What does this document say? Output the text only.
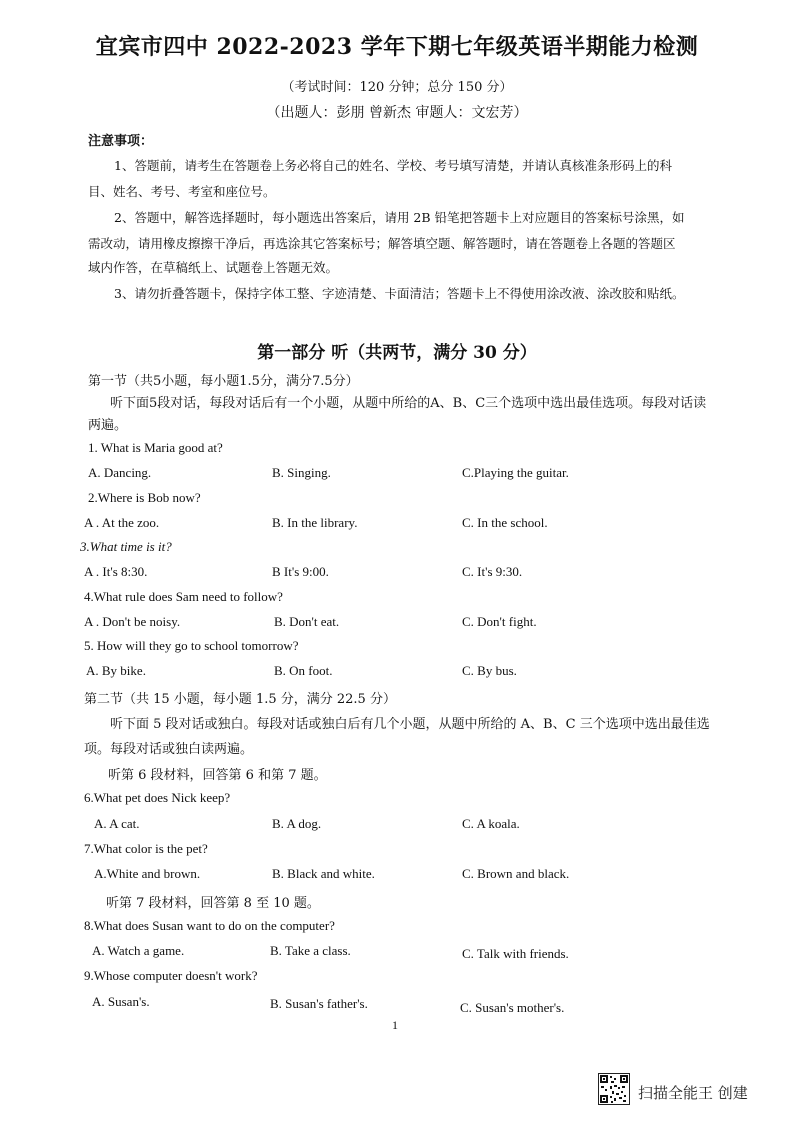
宜宾市四中 2022-2023 学年下期七年级英语半期能力检测
（考试时间：120 分钟；总分 150 分）
（出题人：彭朋 曾新杰 审题人：文宏芳）
注意事项：
1、答题前，请考生在答题卷上务必将自己的姓名、学校、考号填写清楚，并请认真核准条形码上的科
目、姓名、考号、考室和座位号。
2、答题中，解答选择题时，每小题选出答案后，请用 2B 铅笔把答题卡上对应题目的答案标号涂黑，如
需改动，请用橡皮擦擦干净后，再选涂其它答案标号；解答填空题、解答题时，请在答题卷上各题的答题区
域内作答，在草稿纸上、试题卷上答题无效。
3、请勿折叠答题卡，保持字体工整、字迹清楚、卡面清洁；答题卡上不得使用涂改液、涂改胶和贴纸。
第一部分 听（共两节，满分 30 分）
第一节（共5小题，每小题1.5分，满分7.5分）
听下面5段对话，每段对话后有一个小题，从题中所给的A、B、C三个选项中选出最佳选项。每段对话读
两遍。
1. What is Maria good at?
A. Dancing.	B. Singing.	C.Playing the guitar.
2.Where is Bob now?
A . At the zoo.	B. In the library.	C. In the school.
3.What time is it?
A . It's 8:30.	B It's 9:00.	C. It's 9:30.
4.What rule does Sam need to follow?
A . Don't be noisy.	B. Don't eat.	C. Don't fight.
5. How will they go to school tomorrow?
A. By bike.	B. On foot.	C. By bus.
第二节（共 15 小题，每小题 1.5 分，满分 22.5 分）
听下面 5 段对话或独白。每段对话或独白后有几个小题，从题中所给的 A、B、C 三个选项中选出最佳选
项。每段对话或独白读两遍。
听第 6 段材料，回答第 6 和第 7 题。
6.What pet does Nick keep?
A. A cat.	B. A dog.	C. A koala.
7.What color is the pet?
A.White and brown.	B. Black and white.	C. Brown and black.
听第 7 段材料，回答第 8 至 10 题。
8.What does Susan want to do on the computer?
A. Watch a game.	B. Take a class.	C. Talk with friends.
9.Whose computer doesn't work?
A. Susan's.	B. Susan's father's.	C. Susan's mother's.
1
扫描全能王 创建
